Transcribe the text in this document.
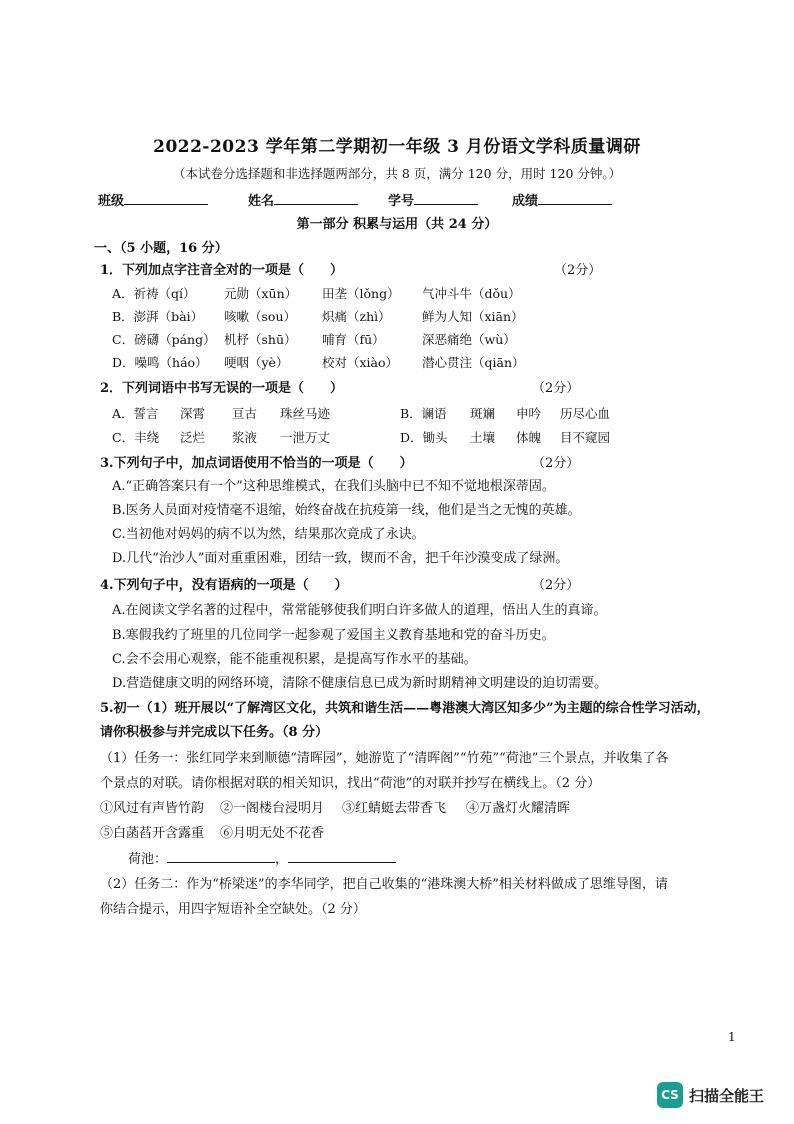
2022-2023 学年第二学期初一年级 3 月份语文学科质量调研
（本试卷分选择题和非选择题两部分，共 8 页，满分 120 分，用时 120 分钟。）
班级	姓名	学号	成绩
第一部分 积累与运用（共 24 分）
一、（5 小题，16 分）
1．下列加点字注音全对的一项是（　　）	（2分）
A．祈祷（qí） 元勋（xūn） 田垄（lǒng） 气冲斗牛（dǒu）
B．澎湃（bài） 咳嗽（sou） 炽痛（zhì）	鲜为人知（xiān）
C．磅礴（páng） 机杼（shū） 哺育（fū）	深恶痛绝（wù）
D．噪鸣（háo） 哽咽（yè）	校对（xiào） 潜心贯注（qiān）
2．下列词语中书写无误的一项是（　　）	（2分）
A．誓言 深霄 亘古 珠丝马迹	B．谰语 斑斓 申吟 历尽心血
C．丰绕 泛烂 浆液 一泄万丈	D．锄头 土壤 体魄 目不窥园
3.下列句子中，加点词语使用不恰当的一项是（　　）	（2分）
A.“正确答案只有一个”这种思维模式，在我们头脑中已不知不觉地根深蒂固。
B.医务人员面对疫情毫不退缩，始终奋战在抗疫第一线，他们是当之无愧的英雄。
C.当初他对妈妈的病不以为然，结果那次竟成了永诀。
D.几代“治沙人”面对重重困难，团结一致，锲而不舍，把千年沙漠变成了绿洲。
4.下列句子中，没有语病的一项是（　　）	（2分）
A.在阅读文学名著的过程中，常常能够使我们明白许多做人的道理，悟出人生的真谛。
B.寒假我约了班里的几位同学一起参观了爱国主义教育基地和党的奋斗历史。
C.会不会用心观察，能不能重视积累，是提高写作水平的基础。
D.营造健康文明的网络环境，清除不健康信息已成为新时期精神文明建设的迫切需要。
5.初一（1）班开展以“了解湾区文化，共筑和谐生活——粤港澳大湾区知多少”为主题的综合性学习活动，
请你积极参与并完成以下任务。（8 分）
（1）任务一：张红同学来到顺德“清晖园”，她游览了“清晖阁”“竹苑”“荷池”三个景点，并收集了各
个景点的对联。请你根据对联的相关知识，找出“荷池”的对联并抄写在横线上。（2 分）
①风过有声皆竹韵 ②一阁楼台浸明月 ③红蜻蜓去带香飞 ④万盏灯火耀清晖
⑤白菡萏开含露重 ⑥月明无处不花香
荷池：	，
（2）任务二：作为“桥梁迷”的李华同学，把自己收集的“港珠澳大桥”相关材料做成了思维导图，请
你结合提示，用四字短语补全空缺处。（2 分）
1
CS 扫描全能王
